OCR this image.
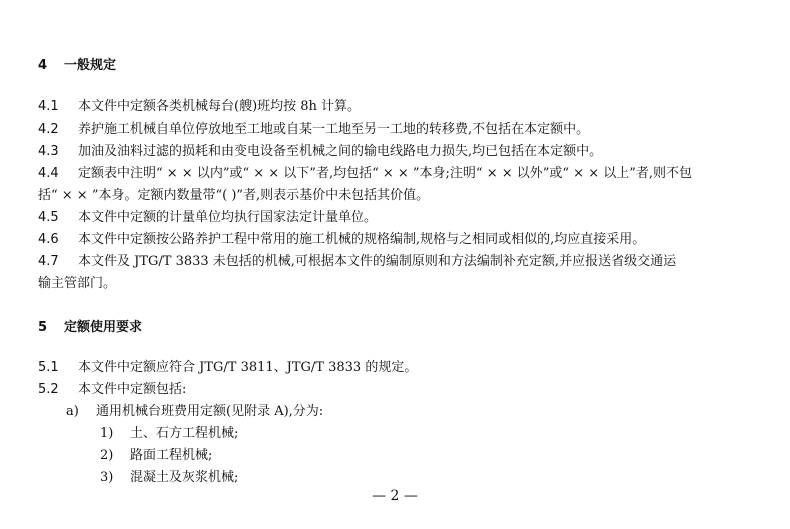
4 一般规定
4.1 本文件中定额各类机械每台(艘)班均按 8h 计算。
4.2 养护施工机械自单位停放地至工地或自某一工地至另一工地的转移费,不包括在本定额中。
4.3 加油及油料过滤的损耗和由变电设备至机械之间的输电线路电力损失,均已包括在本定额中。
4.4 定额表中注明“ × × 以内”或“ × × 以下”者,均包括“ × × ”本身;注明“ × × 以外”或“ × × 以上”者,则不包
括“ × × ”本身。定额内数量带“( )”者,则表示基价中未包括其价值。
4.5 本文件中定额的计量单位均执行国家法定计量单位。
4.6 本文件中定额按公路养护工程中常用的施工机械的规格编制,规格与之相同或相似的,均应直接采用。
4.7 本文件及 JTG/T 3833 未包括的机械,可根据本文件的编制原则和方法编制补充定额,并应报送省级交通运
输主管部门。
5 定额使用要求
5.1 本文件中定额应符合 JTG/T 3811、JTG/T 3833 的规定。
5.2 本文件中定额包括:
a) 通用机械台班费用定额(见附录 A),分为:
1) 土、石方工程机械;
2) 路面工程机械;
3) 混凝土及灰浆机械;
— 2 —
